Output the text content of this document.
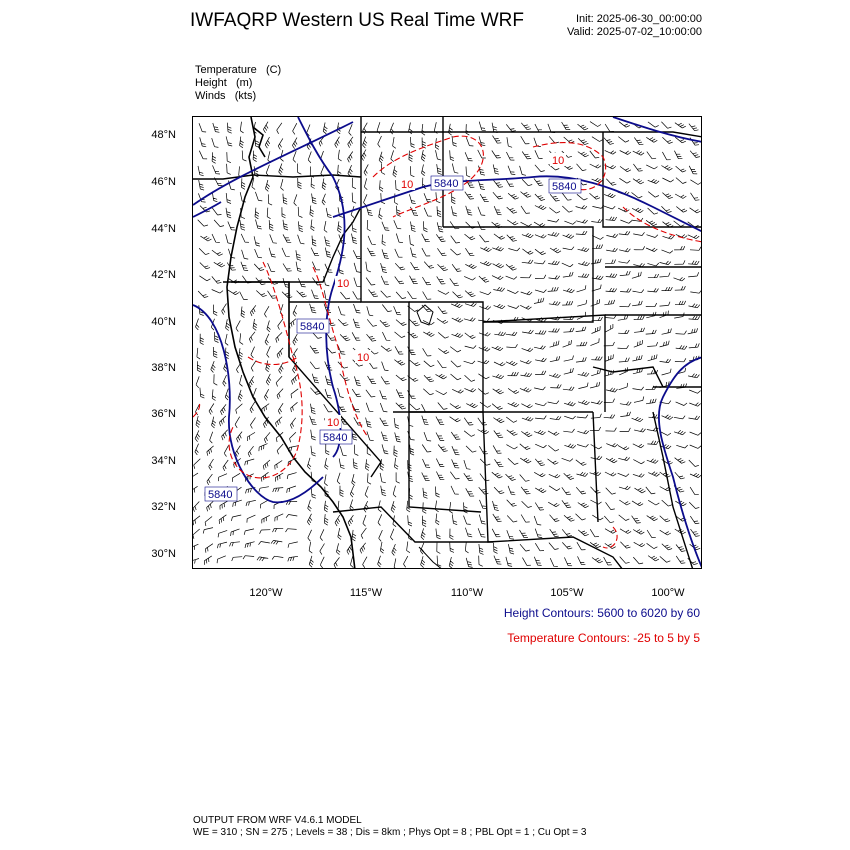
IWFAQRP Western US Real Time WRF	Init: 2025-06-30_00:00:00
Valid: 2025-07-02_10:00:00
Temperature (C)
Height (m)
Winds (kts)
5840
5840
5840
5840	5840
10
10
10
10
10
48°N
46°N
44°N
42°N
40°N
38°N
36°N
34°N
32°N
30°N
120°W	115°W	110°W	105°W	100°W
Height Contours: 5600 to 6020 by 60
Temperature Contours: -25 to 5 by 5
OUTPUT FROM WRF V4.6.1 MODEL
WE = 310 ; SN = 275 ; Levels = 38 ; Dis = 8km ; Phys Opt = 8 ; PBL Opt = 1 ; Cu Opt = 3
